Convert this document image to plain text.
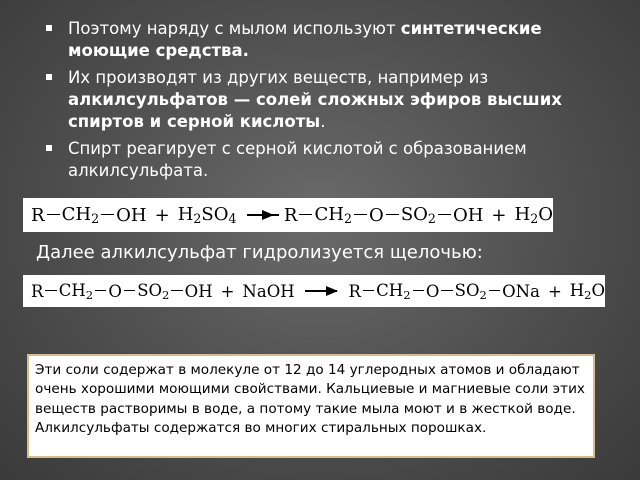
Поэтому наряду с мылом используют синтетические моющие средства.
Их производят из других веществ, например из алкилсульфатов — солей сложных эфиров высших спиртов и серной кислоты.
Спирт реагирует с серной кислотой с образованием алкилсульфата.
R $CH_2$ OH + $H_2SO_4$	R $CH_2$ O $SO_2$ OH + $H_2O$
Далее алкилсульфат гидролизуется щелочью:
R $CH_2$ O $SO_2$ OH + NaOH	R $CH_2$ O $SO_2$ ONa + $H_2O$
Эти соли содержат в молекуле от 12 до 14 углеродных атомов и обладают очень хорошими моющими свойствами. Кальциевые и магниевые соли этих веществ растворимы в воде, а потому такие мыла моют и в жесткой воде. Алкилсульфаты содержатся во многих стиральных порошках.
